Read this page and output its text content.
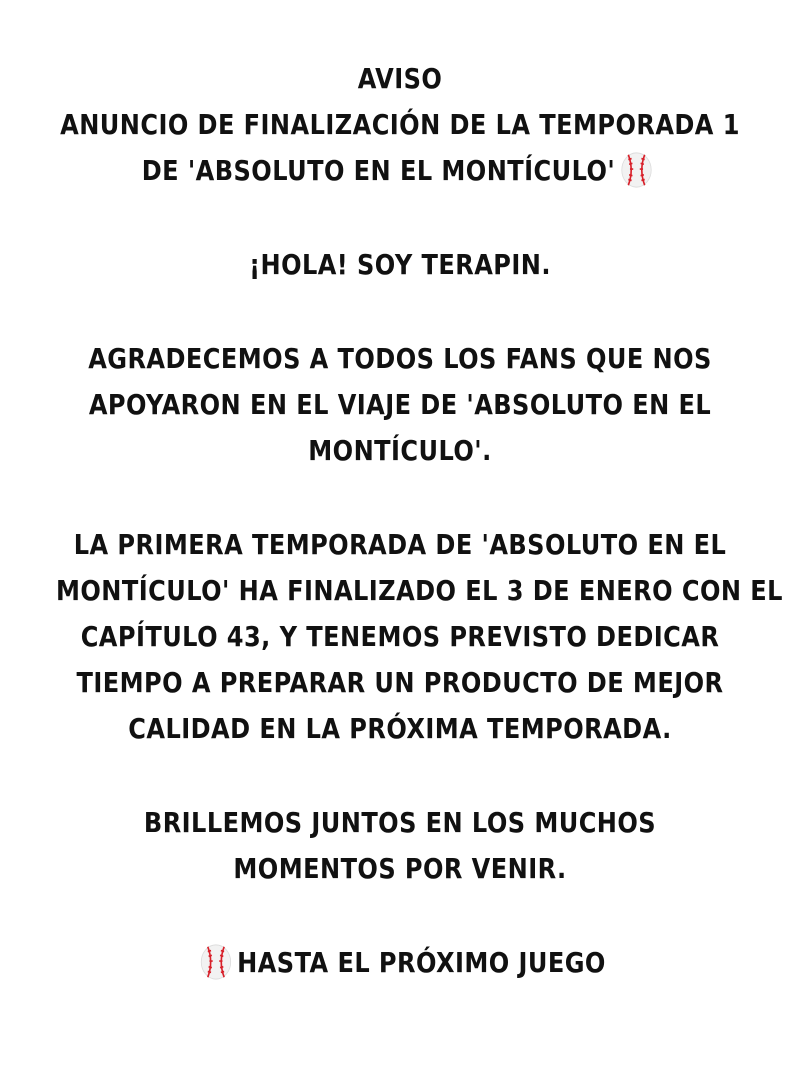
AVISO
ANUNCIO DE FINALIZACIÓN DE LA TEMPORADA 1
DE 'ABSOLUTO EN EL MONTÍCULO'
¡HOLA! SOY TERAPIN.
AGRADECEMOS A TODOS LOS FANS QUE NOS
APOYARON EN EL VIAJE DE 'ABSOLUTO EN EL
MONTÍCULO'.
LA PRIMERA TEMPORADA DE 'ABSOLUTO EN EL
MONTÍCULO' HA FINALIZADO EL 3 DE ENERO CON EL
CAPÍTULO 43, Y TENEMOS PREVISTO DEDICAR
TIEMPO A PREPARAR UN PRODUCTO DE MEJOR
CALIDAD EN LA PRÓXIMA TEMPORADA.
BRILLEMOS JUNTOS EN LOS MUCHOS
MOMENTOS POR VENIR.
HASTA EL PRÓXIMO JUEGO
